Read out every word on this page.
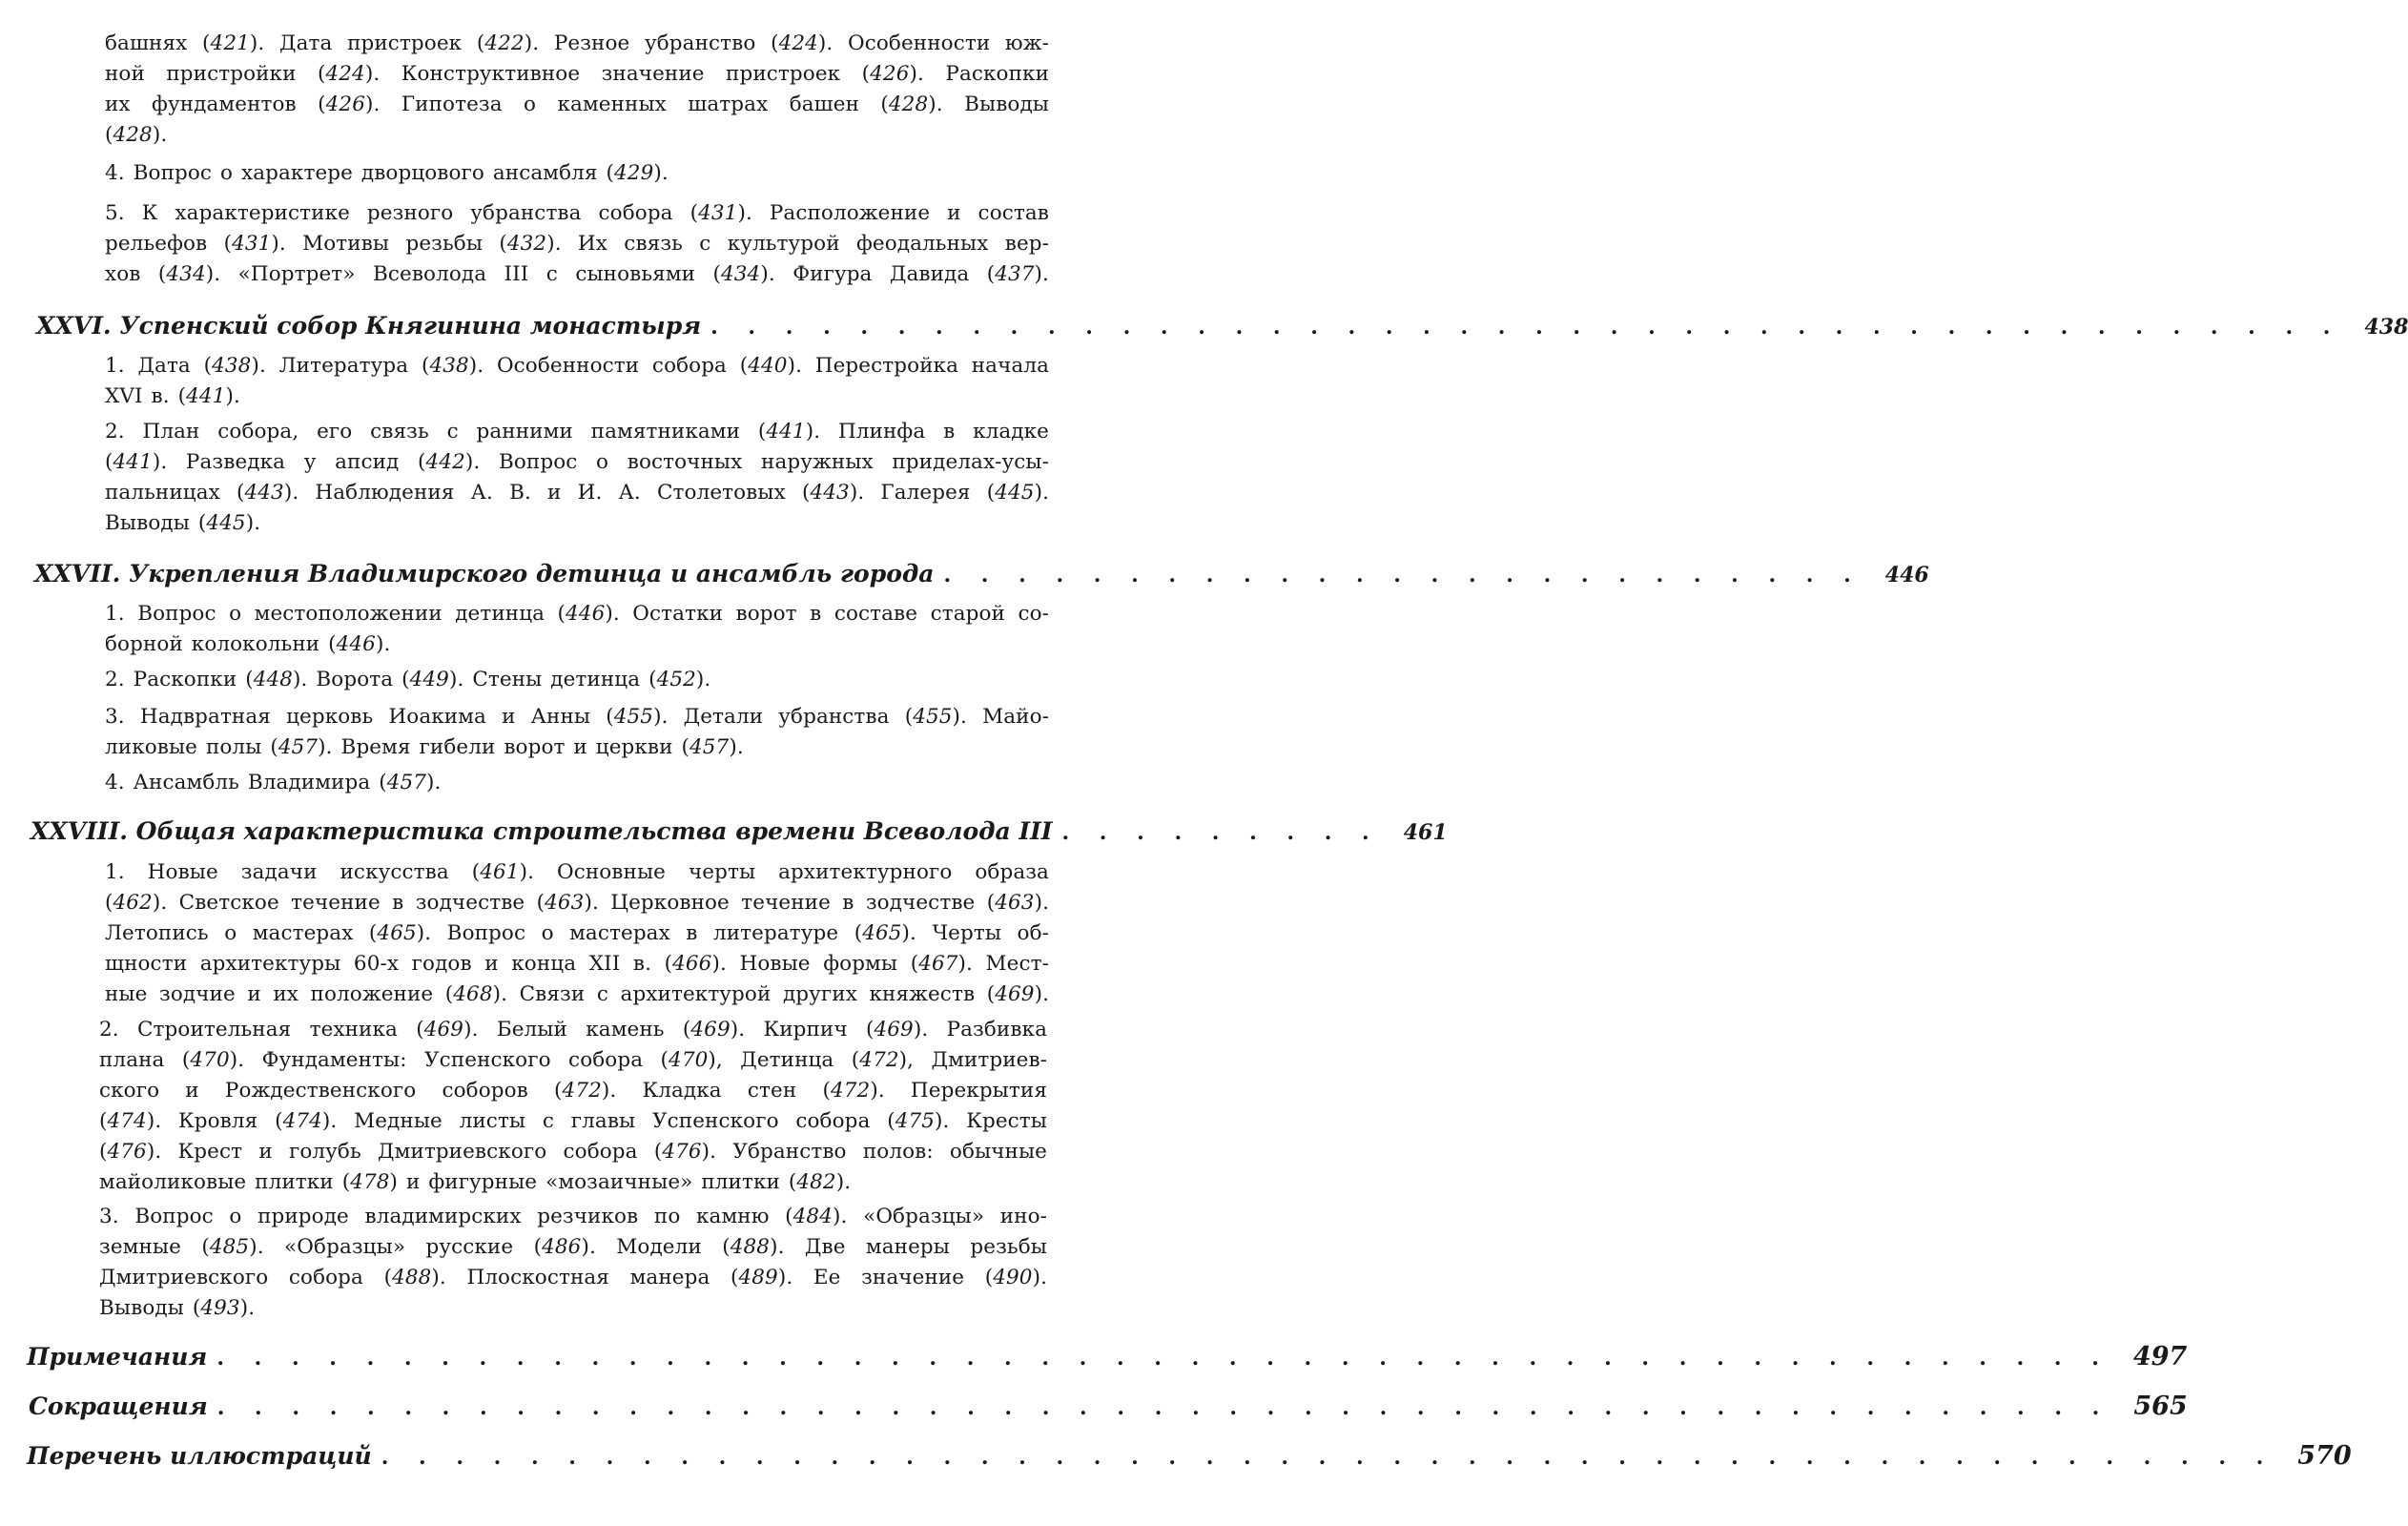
башнях (421). Дата пристроек (422). Резное убранство (424). Особенности юж-
ной пристройки (424). Конструктивное значение пристроек (426). Раскопки
их фундаментов (426). Гипотеза о каменных шатрах башен (428). Выводы
(428).
4. Вопрос о характере дворцового ансамбля (429).
5. К характеристике резного убранства собора (431). Расположение и состав
рельефов (431). Мотивы резьбы (432). Их связь с культурой феодальных вер-
хов (434). «Портрет» Всеволода III с сыновьями (434). Фигура Давида (437).
XXVI. Успенский собор Княгинина монастыря . . . . . . . . . . . . . . . . . . . . . . . . . . . . . . . . . . . . . . . . . . . . 438
1. Дата (438). Литература (438). Особенности собора (440). Перестройка начала
XVI в. (441).
2. План собора, его связь с ранними памятниками (441). Плинфа в кладке
(441). Разведка у апсид (442). Вопрос о восточных наружных приделах-усы-
пальницах (443). Наблюдения А. В. и И. А. Столетовых (443). Галерея (445).
Выводы (445).
XXVII. Укрепления Владимирского детинца и ансамбль города . . . . . . . . . . . . . . . . . . . . . . . . . 446
1. Вопрос о местоположении детинца (446). Остатки ворот в составе старой со-
борной колокольни (446).
2. Раскопки (448). Ворота (449). Стены детинца (452).
3. Надвратная церковь Иоакима и Анны (455). Детали убранства (455). Майо-
ликовые полы (457). Время гибели ворот и церкви (457).
4. Ансамбль Владимира (457).
XXVIII. Общая характеристика строительства времени Всеволода III . . . . . . . . . 461
1. Новые задачи искусства (461). Основные черты архитектурного образа
(462). Светское течение в зодчестве (463). Церковное течение в зодчестве (463).
Летопись о мастерах (465). Вопрос о мастерах в литературе (465). Черты об-
щности архитектуры 60-х годов и конца XII в. (466). Новые формы (467). Мест-
ные зодчие и их положение (468). Связи с архитектурой других княжеств (469).
2. Строительная техника (469). Белый камень (469). Кирпич (469). Разбивка
плана (470). Фундаменты: Успенского собора (470), Детинца (472), Дмитриев-
ского и Рождественского соборов (472). Кладка стен (472). Перекрытия
(474). Кровля (474). Медные листы с главы Успенского собора (475). Кресты
(476). Крест и голубь Дмитриевского собора (476). Убранство полов: обычные
майоликовые плитки (478) и фигурные «мозаичные» плитки (482).
3. Вопрос о природе владимирских резчиков по камню (484). «Образцы» ино-
земные (485). «Образцы» русские (486). Модели (488). Две манеры резьбы
Дмитриевского собора (488). Плоскостная манера (489). Ее значение (490).
Выводы (493).
Примечания . . . . . . . . . . . . . . . . . . . . . . . . . . . . . . . . . . . . . . . . . . . . . . . . . . . 497
Сокращения . . . . . . . . . . . . . . . . . . . . . . . . . . . . . . . . . . . . . . . . . . . . . . . . . . . 565
Перечень иллюстраций . . . . . . . . . . . . . . . . . . . . . . . . . . . . . . . . . . . . . . . . . . . . . . . . . . . 570
